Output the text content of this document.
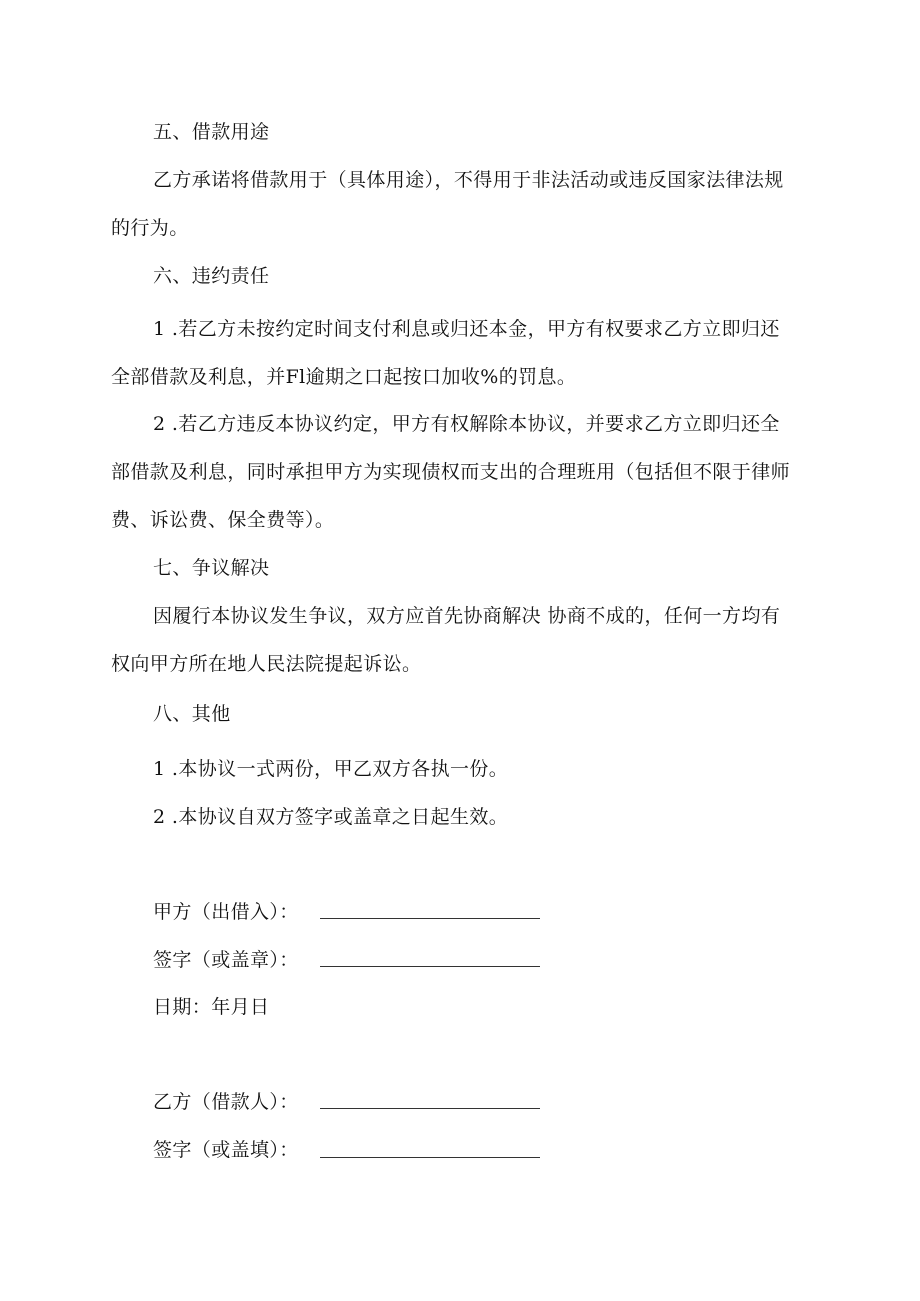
五、借款用途
乙方承诺将借款用于（具体用途），不得用于非法活动或违反国家法律法规
的行为。
六、违约责任
1 .若乙方未按约定时间支付利息或归还本金，甲方有权要求乙方立即归还
全部借款及利息，并Fl逾期之口起按口加收%的罚息。
2 .若乙方违反本协议约定，甲方有权解除本协议，并要求乙方立即归还全
部借款及利息，同时承担甲方为实现债权而支出的合理班用（包括但不限于律师
费、诉讼费、保全费等）。
七、争议解决
因履行本协议发生争议，双方应首先协商解决 协商不成的，任何一方均有
权向甲方所在地人民法院提起诉讼。
八、其他
1 .本协议一式两份，甲乙双方各执一份。
2 .本协议自双方签字或盖章之日起生效。
甲方（出借入）：
签字（或盖章）：
日期：年月日
乙方（借款人）：
签字（或盖填）：
